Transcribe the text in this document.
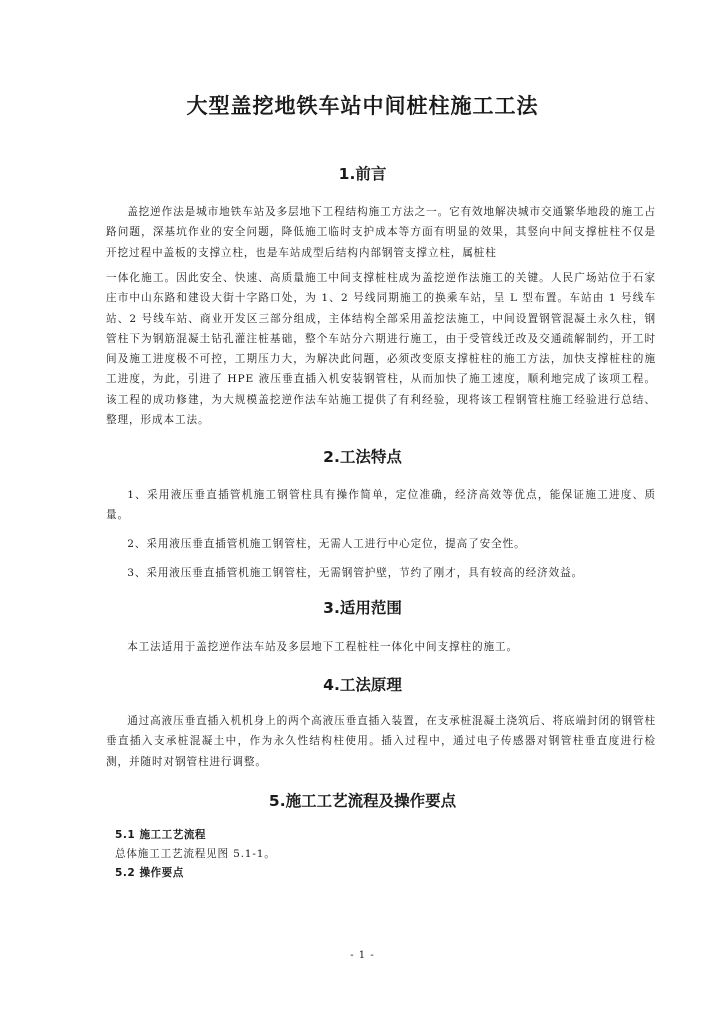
大型盖挖地铁车站中间桩柱施工工法
1.前言

盖挖逆作法是城市地铁车站及多层地下工程结构施工方法之一。它有效地解决城市交通繁华地段的施工占路问题，深基坑作业的安全问题，降低施工临时支护成本等方面有明显的效果，其竖向中间支撑桩柱不仅是开挖过程中盖板的支撑立柱，也是车站成型后结构内部钢管支撑立柱，属桩柱

一体化施工。因此安全、快速、高质量施工中间支撑桩柱成为盖挖逆作法施工的关键。人民广场站位于石家庄市中山东路和建设大街十字路口处，为 1、2 号线同期施工的换乘车站，呈 L 型布置。车站由 1 号线车站、2 号线车站、商业开发区三部分组成，主体结构全部采用盖挖法施工，中间设置钢管混凝土永久柱，钢管柱下为钢筋混凝土钻孔灌注桩基础，整个车站分六期进行施工，由于受管线迁改及交通疏解制约，开工时间及施工进度极不可控，工期压力大，为解决此问题，必须改变原支撑桩柱的施工方法，加快支撑桩柱的施工进度，为此，引进了 HPE 液压垂直插入机安装钢管柱，从而加快了施工速度，顺利地完成了该项工程。该工程的成功修建，为大规模盖挖逆作法车站施工提供了有利经验，现将该工程钢管柱施工经验进行总结、整理，形成本工法。

2.工法特点

1、采用液压垂直插管机施工钢管柱具有操作简单，定位准确，经济高效等优点，能保证施工进度、质量。

2、采用液压垂直插管机施工钢管柱，无需人工进行中心定位，提高了安全性。

3、采用液压垂直插管机施工钢管柱，无需钢管护壁，节约了刚才，具有较高的经济效益。

3.适用范围

本工法适用于盖挖逆作法车站及多层地下工程桩柱一体化中间支撑柱的施工。

4.工法原理

通过高液压垂直插入机机身上的两个高液压垂直插入装置，在支承桩混凝土浇筑后、将底端封闭的钢管柱垂直插入支承桩混凝土中，作为永久性结构柱使用。插入过程中，通过电子传感器对钢管柱垂直度进行检测，并随时对钢管柱进行调整。

5.施工工艺流程及操作要点
5.1 施工工艺流程
总体施工工艺流程见图 5.1-1。
5.2 操作要点
- 1 -
